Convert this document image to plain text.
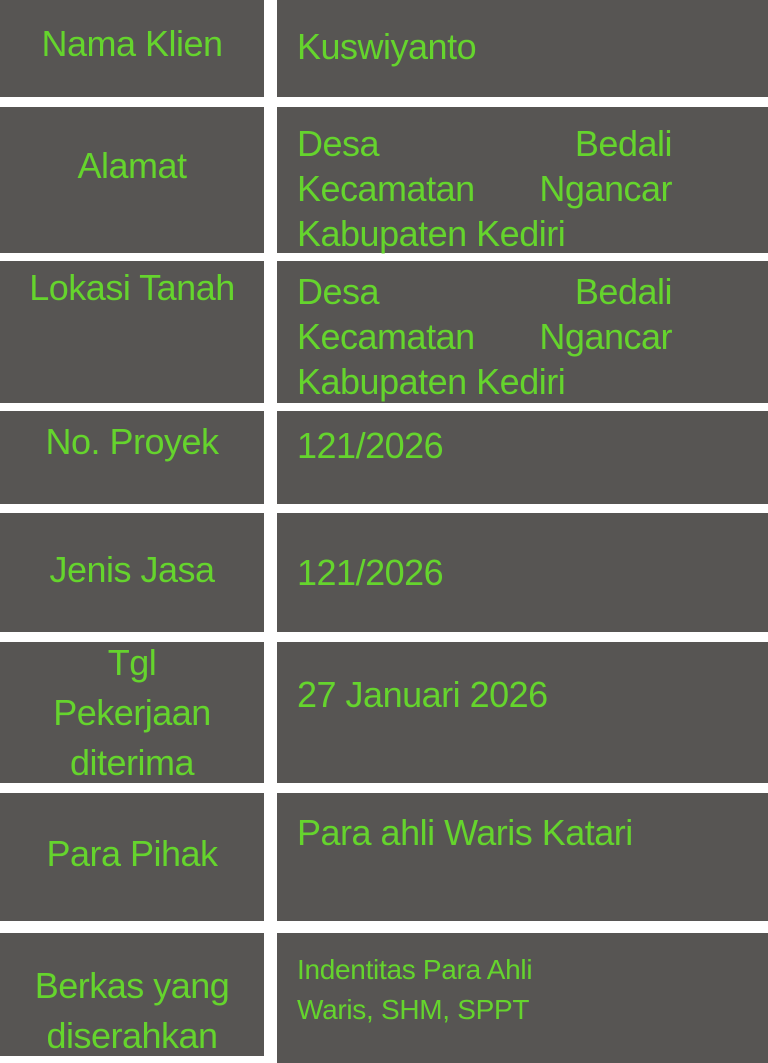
Nama Klien Kuswiyanto
Alamat
Desa Bedali Kecamatan Ngancar Kabupaten Kediri
Lokasi Tanah Desa Bedali Kecamatan Ngancar Kabupaten Kediri
No. Proyek 121/2026
Jenis Jasa 121/2026
Tgl Pekerjaan diterima
27 Januari 2026
Para Pihak Para ahli Waris Katari
Berkas yang diserahkan
Indentitas Para Ahli Waris, SHM, SPPT
